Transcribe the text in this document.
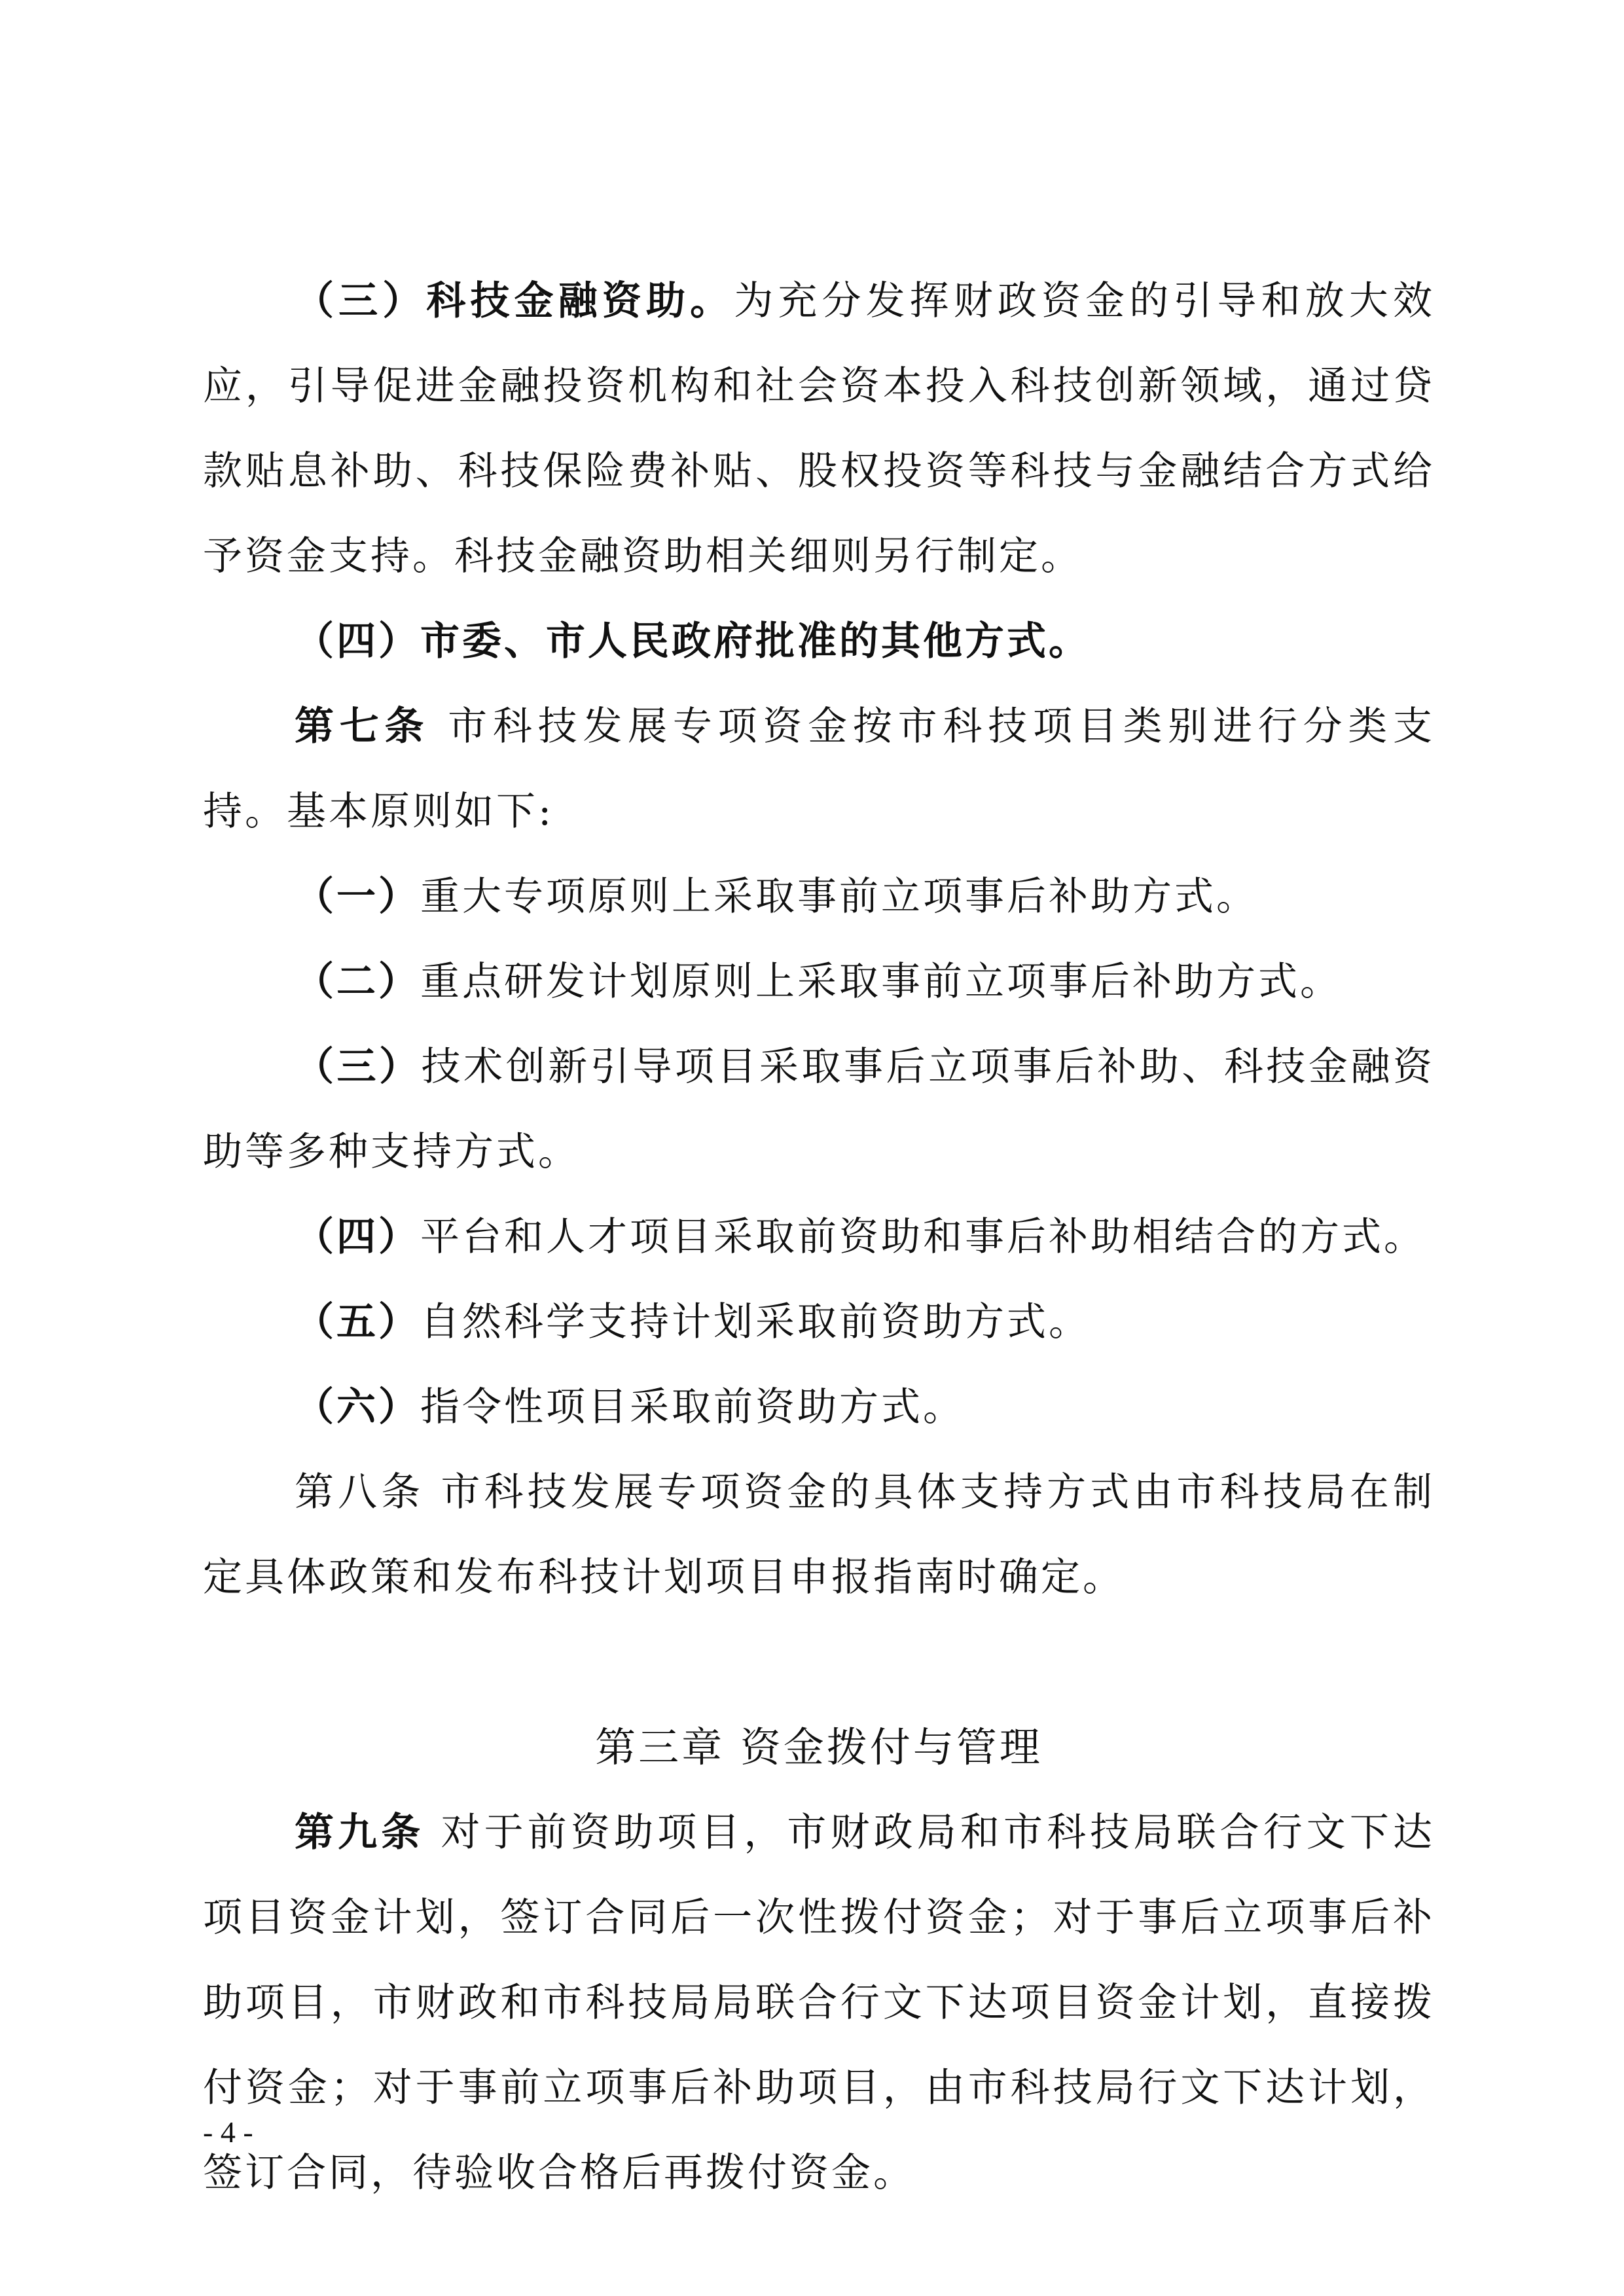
（三）科技金融资助。为充分发挥财政资金的引导和放大效应，引导促进金融投资机构和社会资本投入科技创新领域，通过贷款贴息补助、科技保险费补贴、股权投资等科技与金融结合方式给予资金支持。科技金融资助相关细则另行制定。

（四）市委、市人民政府批准的其他方式。

第七条 市科技发展专项资金按市科技项目类别进行分类支持。基本原则如下:

（一）重大专项原则上采取事前立项事后补助方式。

（二）重点研发计划原则上采取事前立项事后补助方式。

（三）技术创新引导项目采取事后立项事后补助、科技金融资助等多种支持方式。

（四）平台和人才项目采取前资助和事后补助相结合的方式。

（五）自然科学支持计划采取前资助方式。

（六）指令性项目采取前资助方式。

第八条 市科技发展专项资金的具体支持方式由市科技局在制定具体政策和发布科技计划项目申报指南时确定。

第三章 资金拨付与管理

第九条 对于前资助项目，市财政局和市科技局联合行文下达项目资金计划，签订合同后一次性拨付资金；对于事后立项事后补助项目，市财政和市科技局局联合行文下达项目资金计划，直接拨付资金；对于事前立项事后补助项目，由市科技局行文下达计划，签订合同，待验收合格后再拨付资金。

- 4 -
